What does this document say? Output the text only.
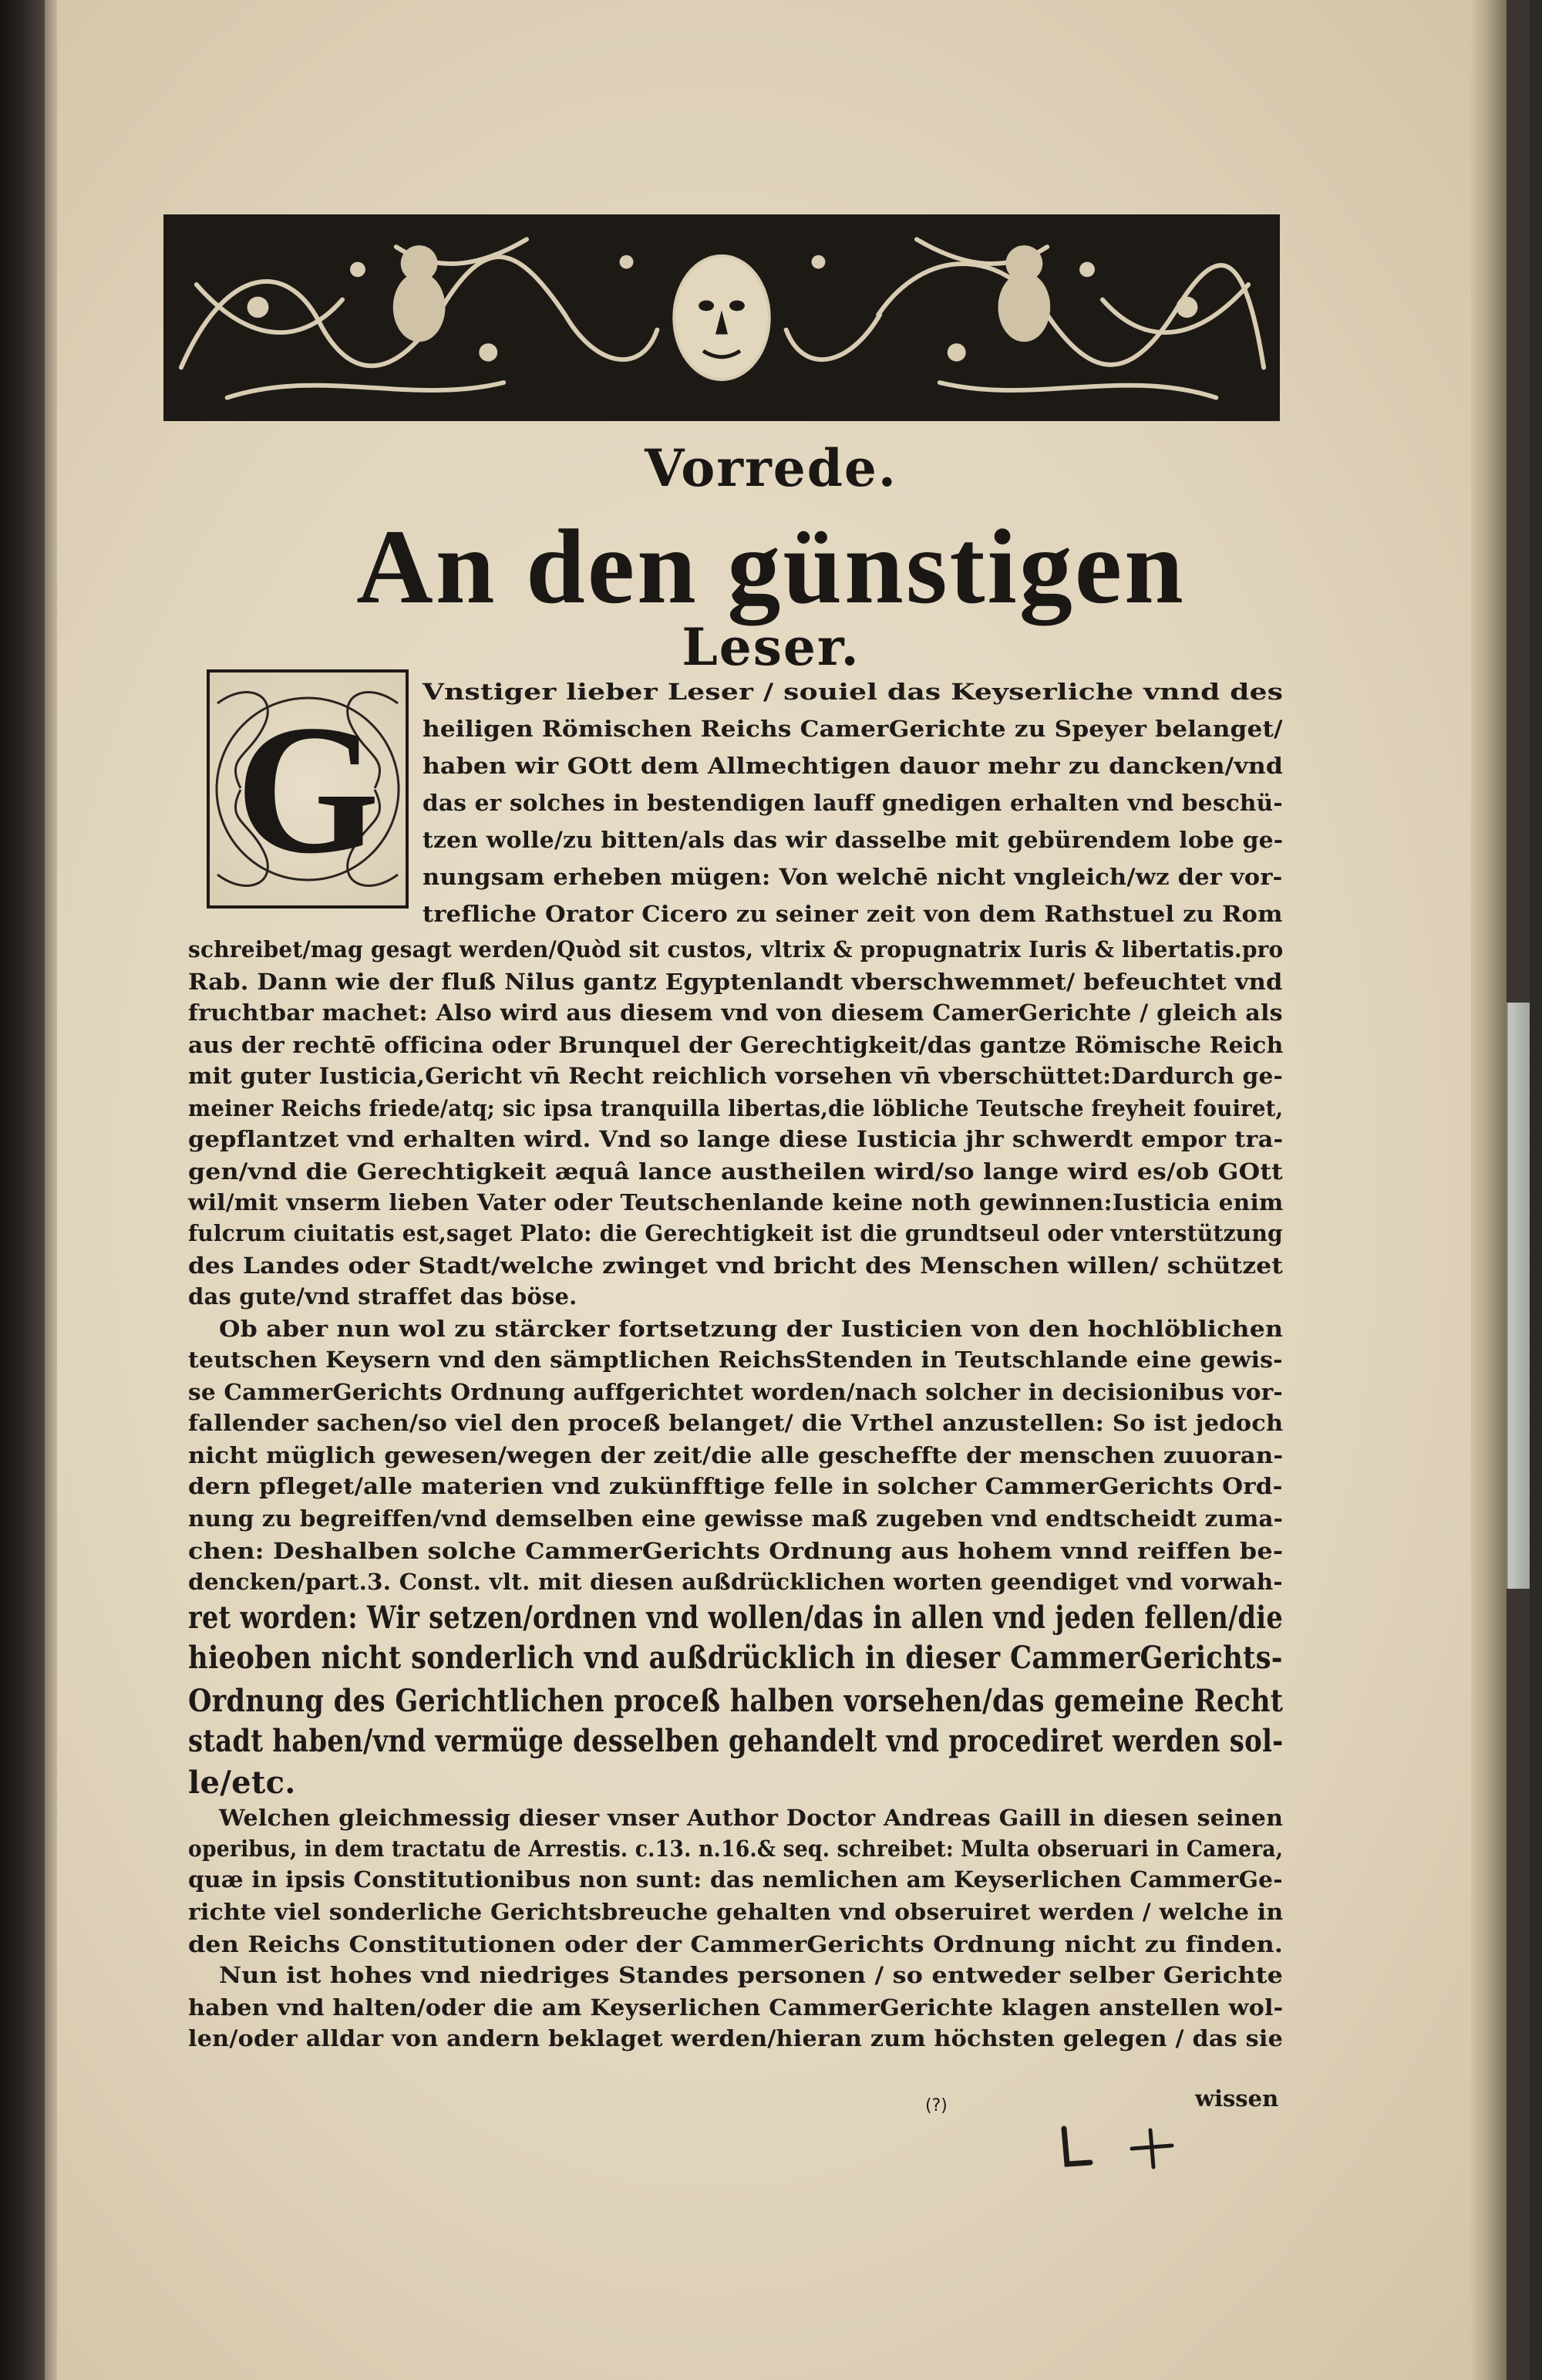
Vorrede.
An den günstigen
Leser.
G	Vnstiger lieber Leser / souiel das Keyserliche vnnd des
heiligen Römischen Reichs CamerGerichte zu Speyer belanget/
haben wir GOtt dem Allmechtigen dauor mehr zu dancken/vnd
das er solches in bestendigen lauff gnedigen erhalten vnd beschü-
tzen wolle/zu bitten/als das wir dasselbe mit gebürendem lobe ge-
nungsam erheben mügen: Von welchē nicht vngleich/wz der vor-
trefliche Orator Cicero zu seiner zeit von dem Rathstuel zu Rom
schreibet/mag gesagt werden/Quòd sit custos, vltrix & propugnatrix Iuris & libertatis.pro
Rab. Dann wie der fluß Nilus gantz Egyptenlandt vberschwemmet/ befeuchtet vnd
fruchtbar machet: Also wird aus diesem vnd von diesem CamerGerichte / gleich als
aus der rechtē officina oder Brunquel der Gerechtigkeit/das gantze Römische Reich
mit guter Iusticia,Gericht vn̄ Recht reichlich vorsehen vn̄ vberschüttet:Dardurch ge-
meiner Reichs friede/atq; sic ipsa tranquilla libertas,die löbliche Teutsche freyheit fouiret,
gepflantzet vnd erhalten wird. Vnd so lange diese Iusticia jhr schwerdt empor tra-
gen/vnd die Gerechtigkeit æquâ lance austheilen wird/so lange wird es/ob GOtt
wil/mit vnserm lieben Vater oder Teutschenlande keine noth gewinnen:Iusticia enim
fulcrum ciuitatis est,saget Plato: die Gerechtigkeit ist die grundtseul oder vnterstützung
des Landes oder Stadt/welche zwinget vnd bricht des Menschen willen/ schützet
das gute/vnd straffet das böse.
Ob aber nun wol zu stärcker fortsetzung der Iusticien von den hochlöblichen
teutschen Keysern vnd den sämptlichen ReichsStenden in Teutschlande eine gewis-
se CammerGerichts Ordnung auffgerichtet worden/nach solcher in decisionibus vor-
fallender sachen/so viel den proceß belanget/ die Vrthel anzustellen: So ist jedoch
nicht müglich gewesen/wegen der zeit/die alle gescheffte der menschen zuuoran-
dern pfleget/alle materien vnd zukünfftige felle in solcher CammerGerichts Ord-
nung zu begreiffen/vnd demselben eine gewisse maß zugeben vnd endtscheidt zuma-
chen: Deshalben solche CammerGerichts Ordnung aus hohem vnnd reiffen be-
dencken/part.3. Const. vlt. mit diesen außdrücklichen worten geendiget vnd vorwah-
ret worden: Wir setzen/ordnen vnd wollen/das in allen vnd jeden fellen/die
hieoben nicht sonderlich vnd außdrücklich in dieser CammerGerichts-
Ordnung des Gerichtlichen proceß halben vorsehen/das gemeine Recht
stadt haben/vnd vermüge desselben gehandelt vnd procediret werden sol-
le/etc.
Welchen gleichmessig dieser vnser Author Doctor Andreas Gaill in diesen seinen
operibus, in dem tractatu de Arrestis. c.13. n.16.& seq. schreibet: Multa obseruari in Camera,
quæ in ipsis Constitutionibus non sunt: das nemlichen am Keyserlichen CammerGe-
richte viel sonderliche Gerichtsbreuche gehalten vnd obseruiret werden / welche in
den Reichs Constitutionen oder der CammerGerichts Ordnung nicht zu finden.
Nun ist hohes vnd niedriges Standes personen / so entweder selber Gerichte
haben vnd halten/oder die am Keyserlichen CammerGerichte klagen anstellen wol-
len/oder alldar von andern beklaget werden/hieran zum höchsten gelegen / das sie
(?)	wissen
